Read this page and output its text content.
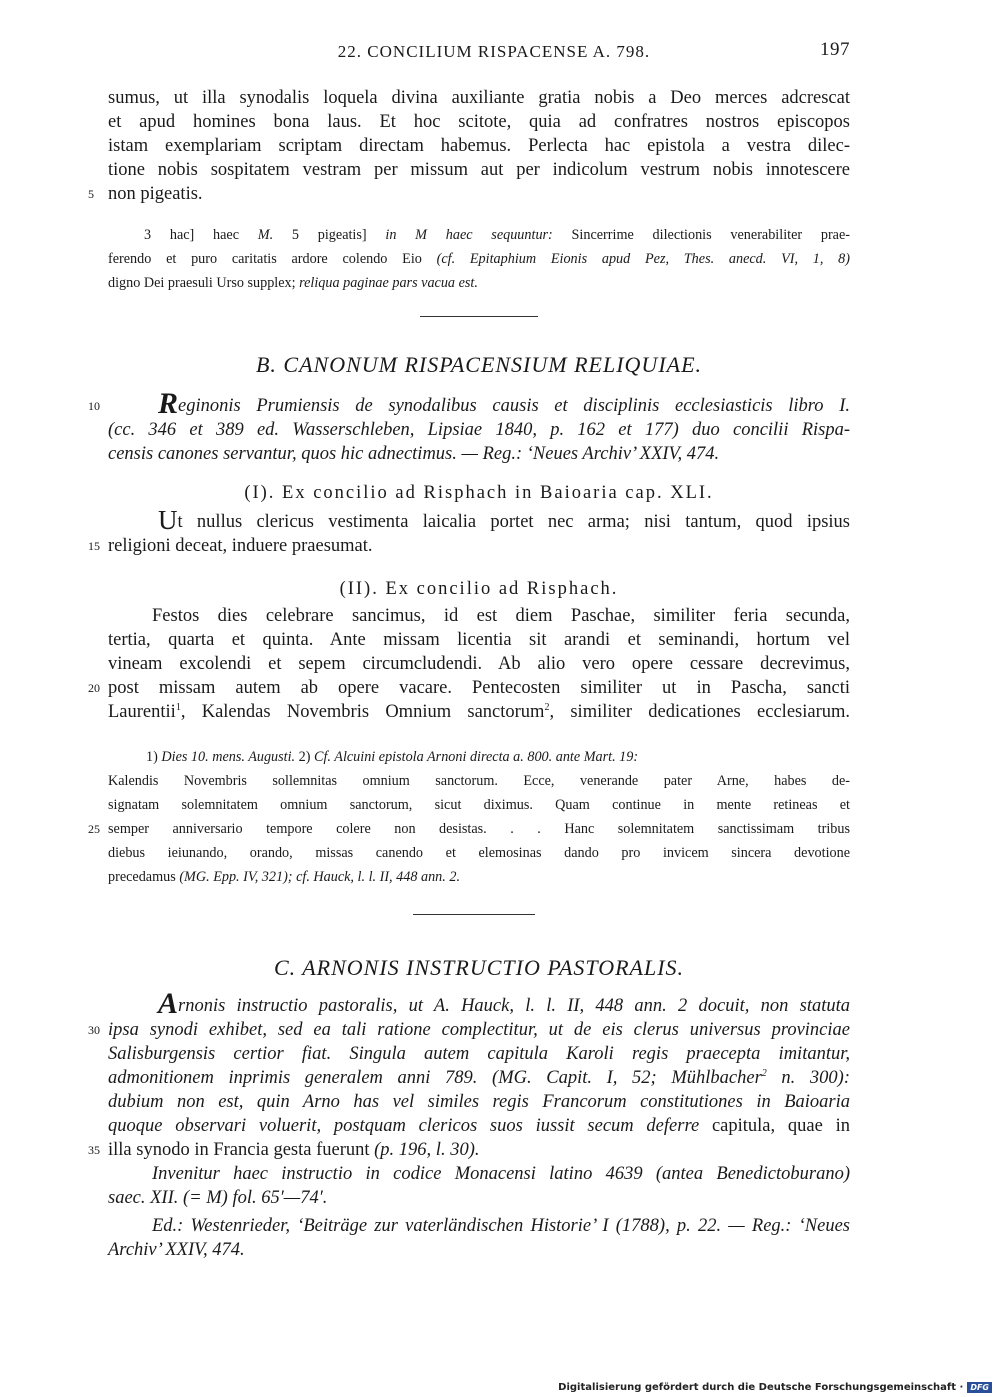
22. CONCILIUM RISPACENSE A. 798.	197
sumus, ut illa synodalis loquela divina auxiliante gratia nobis a Deo merces adcrescat
et apud homines bona laus. Et hoc scitote, quia ad confratres nostros episcopos
istam exemplariam scriptam directam habemus. Perlecta hac epistola a vestra dilec-
tione nobis sospitatem vestram per missum aut per indicolum vestrum nobis innotescere
5 non pigeatis.
3 hac] haec M. 5 pigeatis] in M haec sequuntur: Sincerrime dilectionis venerabiliter prae-
ferendo et puro caritatis ardore colendo Eio (cf. Epitaphium Eionis apud Pez, Thes. anecd. VI, 1, 8)
digno Dei praesuli Urso supplex; reliqua paginae pars vacua est.
B. CANONUM RISPACENSIUM RELIQUIAE.
10 Reginonis Prumiensis de synodalibus causis et disciplinis ecclesiasticis libro I.
(cc. 346 et 389 ed. Wasserschleben, Lipsiae 1840, p. 162 et 177) duo concilii Rispa-
censis canones servantur, quos hic adnectimus. — Reg.: ‘Neues Archiv’ XXIV, 474.
(I). Ex concilio ad Risphach in Baioaria cap. XLI.
Ut nullus clericus vestimenta laicalia portet nec arma; nisi tantum, quod ipsius
15 religioni deceat, induere praesumat.
(II). Ex concilio ad Risphach.
Festos dies celebrare sancimus, id est diem Paschae, similiter feria secunda,
tertia, quarta et quinta. Ante missam licentia sit arandi et seminandi, hortum vel
vineam excolendi et sepem circumcludendi. Ab alio vero opere cessare decrevimus,
20 post missam autem ab opere vacare. Pentecosten similiter ut in Pascha, sancti
Laurentii$^1$, Kalendas Novembris Omnium sanctorum$^2$, similiter dedicationes ecclesiarum.
1) Dies 10. mens. Augusti. 2) Cf. Alcuini epistola Arnoni directa a. 800. ante Mart. 19:
Kalendis Novembris sollemnitas omnium sanctorum. Ecce, venerande pater Arne, habes de-
signatam solemnitatem omnium sanctorum, sicut diximus. Quam continue in mente retineas et
25 semper anniversario tempore colere non desistas. . . Hanc solemnitatem sanctissimam tribus
diebus ieiunando, orando, missas canendo et elemosinas dando pro invicem sincera devotione
precedamus (MG. Epp. IV, 321); cf. Hauck, l. l. II, 448 ann. 2.
C. ARNONIS INSTRUCTIO PASTORALIS.
Arnonis instructio pastoralis, ut A. Hauck, l. l. II, 448 ann. 2 docuit, non statuta
30 ipsa synodi exhibet, sed ea tali ratione complectitur, ut de eis clerus universus provinciae
Salisburgensis certior fiat. Singula autem capitula Karoli regis praecepta imitantur,
admonitionem inprimis generalem anni 789. (MG. Capit. I, 52; Mühlbacher$^2$ n. 300):
dubium non est, quin Arno has vel similes regis Francorum constitutiones in Baioaria
quoque observari voluerit, postquam clericos suos iussit secum deferre capitula, quae in
35 illa synodo in Francia gesta fuerunt (p. 196, l. 30).
Invenitur haec instructio in codice Monacensi latino 4639 (antea Benedictoburano)
saec. XII. (= M) fol. 65′—74′.
Ed.: Westenrieder, ‘Beiträge zur vaterländischen Historie’ I (1788), p. 22. — Reg.: ‘Neues
Archiv’ XXIV, 474.
Digitalisierung gefördert durch die Deutsche Forschungsgemeinschaft · DFG
